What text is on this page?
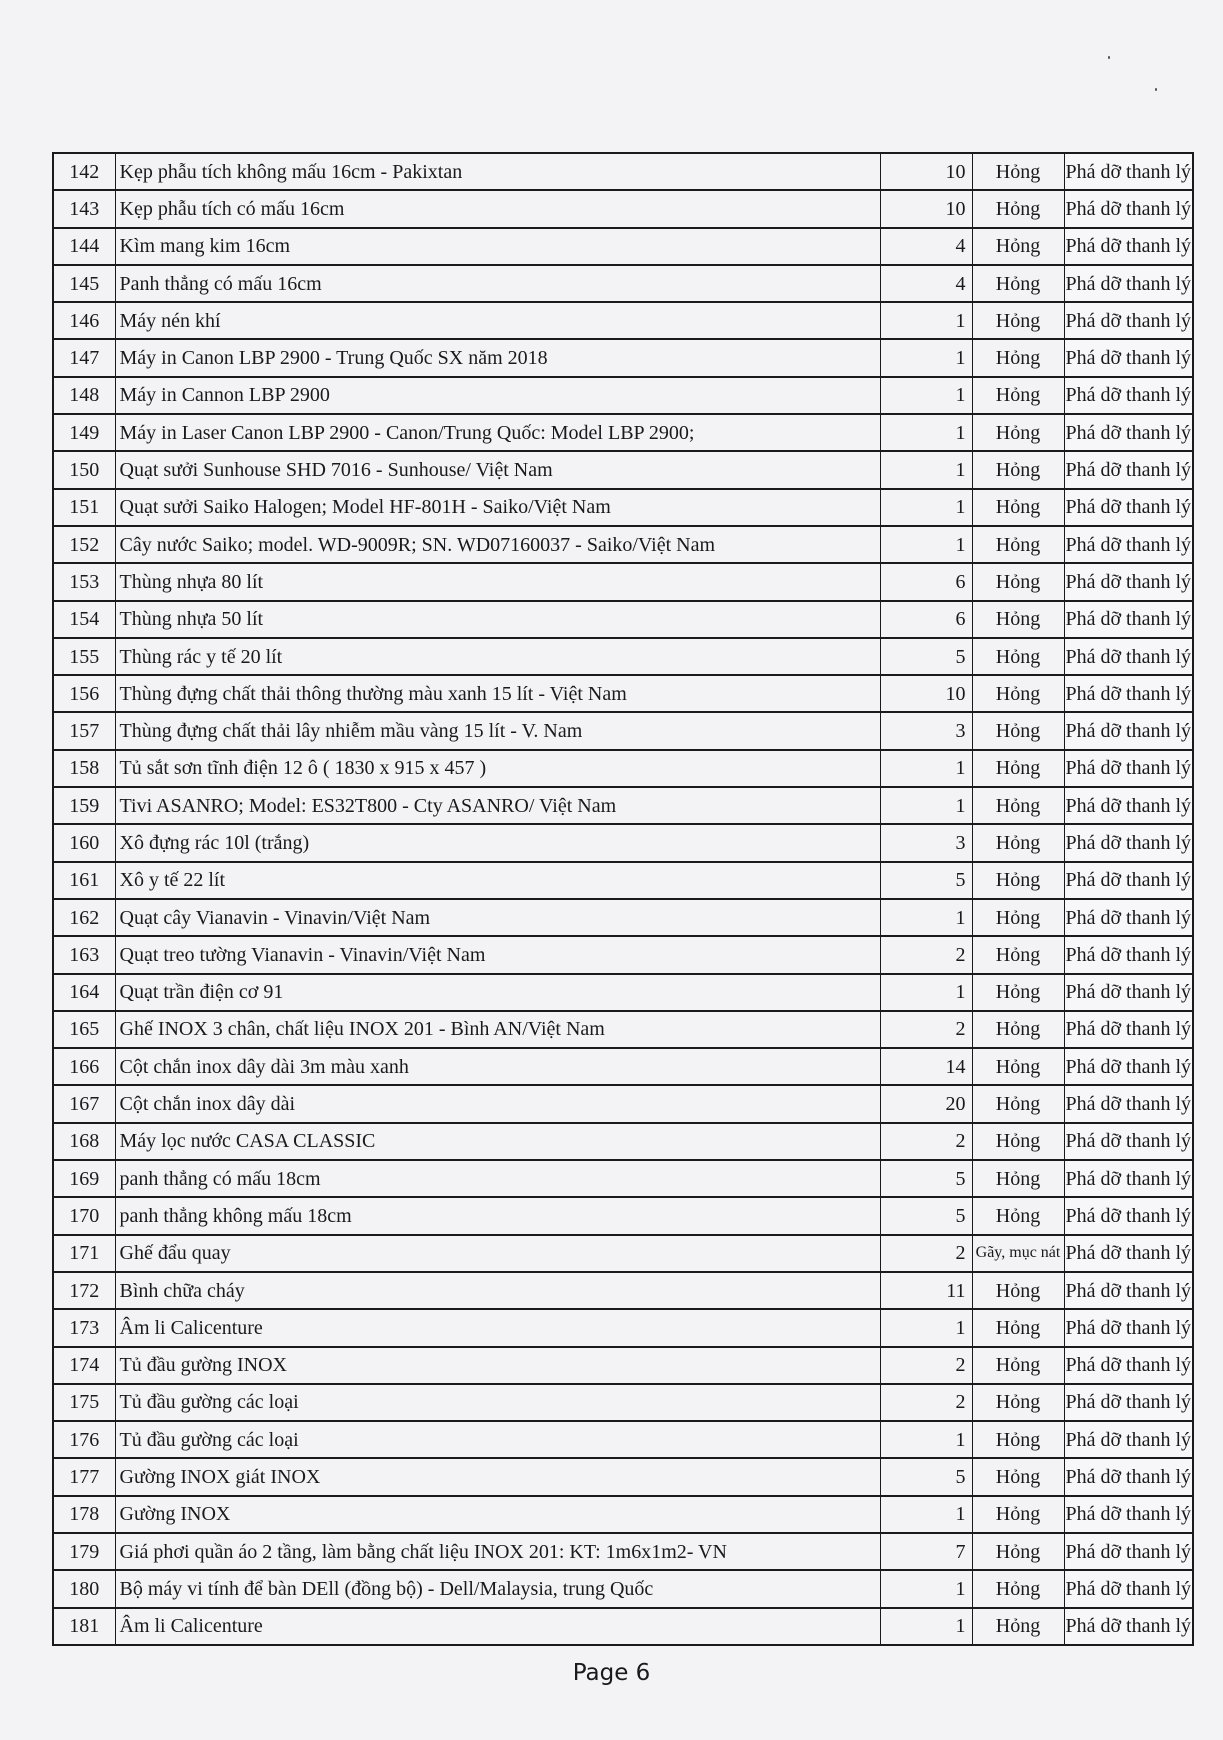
142	Kẹp phẫu tích không mấu 16cm - Pakixtan	10	Hỏng	Phá dỡ thanh lý
143	Kẹp phẫu tích có mấu 16cm	10	Hỏng	Phá dỡ thanh lý
144	Kìm mang kim 16cm	4	Hỏng	Phá dỡ thanh lý
145	Panh thẳng có mấu 16cm	4	Hỏng	Phá dỡ thanh lý
146	Máy nén khí	1	Hỏng	Phá dỡ thanh lý
147	Máy in Canon LBP 2900 - Trung Quốc SX năm 2018	1	Hỏng	Phá dỡ thanh lý
148	Máy in Cannon LBP 2900	1	Hỏng	Phá dỡ thanh lý
149	Máy in Laser Canon LBP 2900 - Canon/Trung Quốc: Model LBP 2900;	1	Hỏng	Phá dỡ thanh lý
150	Quạt sưởi Sunhouse SHD 7016 - Sunhouse/ Việt Nam	1	Hỏng	Phá dỡ thanh lý
151	Quạt sưởi Saiko Halogen; Model HF-801H - Saiko/Việt Nam	1	Hỏng	Phá dỡ thanh lý
152	Cây nước Saiko; model. WD-9009R; SN. WD07160037 - Saiko/Việt Nam	1	Hỏng	Phá dỡ thanh lý
153	Thùng nhựa 80 lít	6	Hỏng	Phá dỡ thanh lý
154	Thùng nhựa 50 lít	6	Hỏng	Phá dỡ thanh lý
155	Thùng rác y tế 20 lít	5	Hỏng	Phá dỡ thanh lý
156	Thùng đựng chất thải thông thường màu xanh 15 lít - Việt Nam	10	Hỏng	Phá dỡ thanh lý
157	Thùng đựng chất thải lây nhiễm mầu vàng 15 lít - V. Nam	3	Hỏng	Phá dỡ thanh lý
158	Tủ sắt sơn tĩnh điện 12 ô ( 1830 x 915 x 457 )	1	Hỏng	Phá dỡ thanh lý
159	Tivi ASANRO; Model: ES32T800 - Cty ASANRO/ Việt Nam	1	Hỏng	Phá dỡ thanh lý
160	Xô đựng rác 10l (trắng)	3	Hỏng	Phá dỡ thanh lý
161	Xô y tế 22 lít	5	Hỏng	Phá dỡ thanh lý
162	Quạt cây Vianavin - Vinavin/Việt Nam	1	Hỏng	Phá dỡ thanh lý
163	Quạt treo tường Vianavin - Vinavin/Việt Nam	2	Hỏng	Phá dỡ thanh lý
164	Quạt trần điện cơ 91	1	Hỏng	Phá dỡ thanh lý
165	Ghế INOX 3 chân, chất liệu INOX 201 - Bình AN/Việt Nam	2	Hỏng	Phá dỡ thanh lý
166	Cột chắn inox dây dài 3m màu xanh	14	Hỏng	Phá dỡ thanh lý
167	Cột chắn inox dây dài	20	Hỏng	Phá dỡ thanh lý
168	Máy lọc nước CASA CLASSIC	2	Hỏng	Phá dỡ thanh lý
169	panh thẳng có mấu 18cm	5	Hỏng	Phá dỡ thanh lý
170	panh thẳng không mấu 18cm	5	Hỏng	Phá dỡ thanh lý
171	Ghế đẩu quay	2	Gãy, mục nát	Phá dỡ thanh lý
172	Bình chữa cháy	11	Hỏng	Phá dỡ thanh lý
173	Âm li Calicenture	1	Hỏng	Phá dỡ thanh lý
174	Tủ đầu gường INOX	2	Hỏng	Phá dỡ thanh lý
175	Tủ đầu gường các loại	2	Hỏng	Phá dỡ thanh lý
176	Tủ đầu gường các loại	1	Hỏng	Phá dỡ thanh lý
177	Gường INOX giát INOX	5	Hỏng	Phá dỡ thanh lý
178	Gường INOX	1	Hỏng	Phá dỡ thanh lý
179	Giá phơi quần áo 2 tầng, làm bằng chất liệu INOX 201: KT: 1m6x1m2- VN	7	Hỏng	Phá dỡ thanh lý
180	Bộ máy vi tính để bàn DEll (đồng bộ) - Dell/Malaysia, trung Quốc	1	Hỏng	Phá dỡ thanh lý
181	Âm li Calicenture	1	Hỏng	Phá dỡ thanh lý
Page 6
